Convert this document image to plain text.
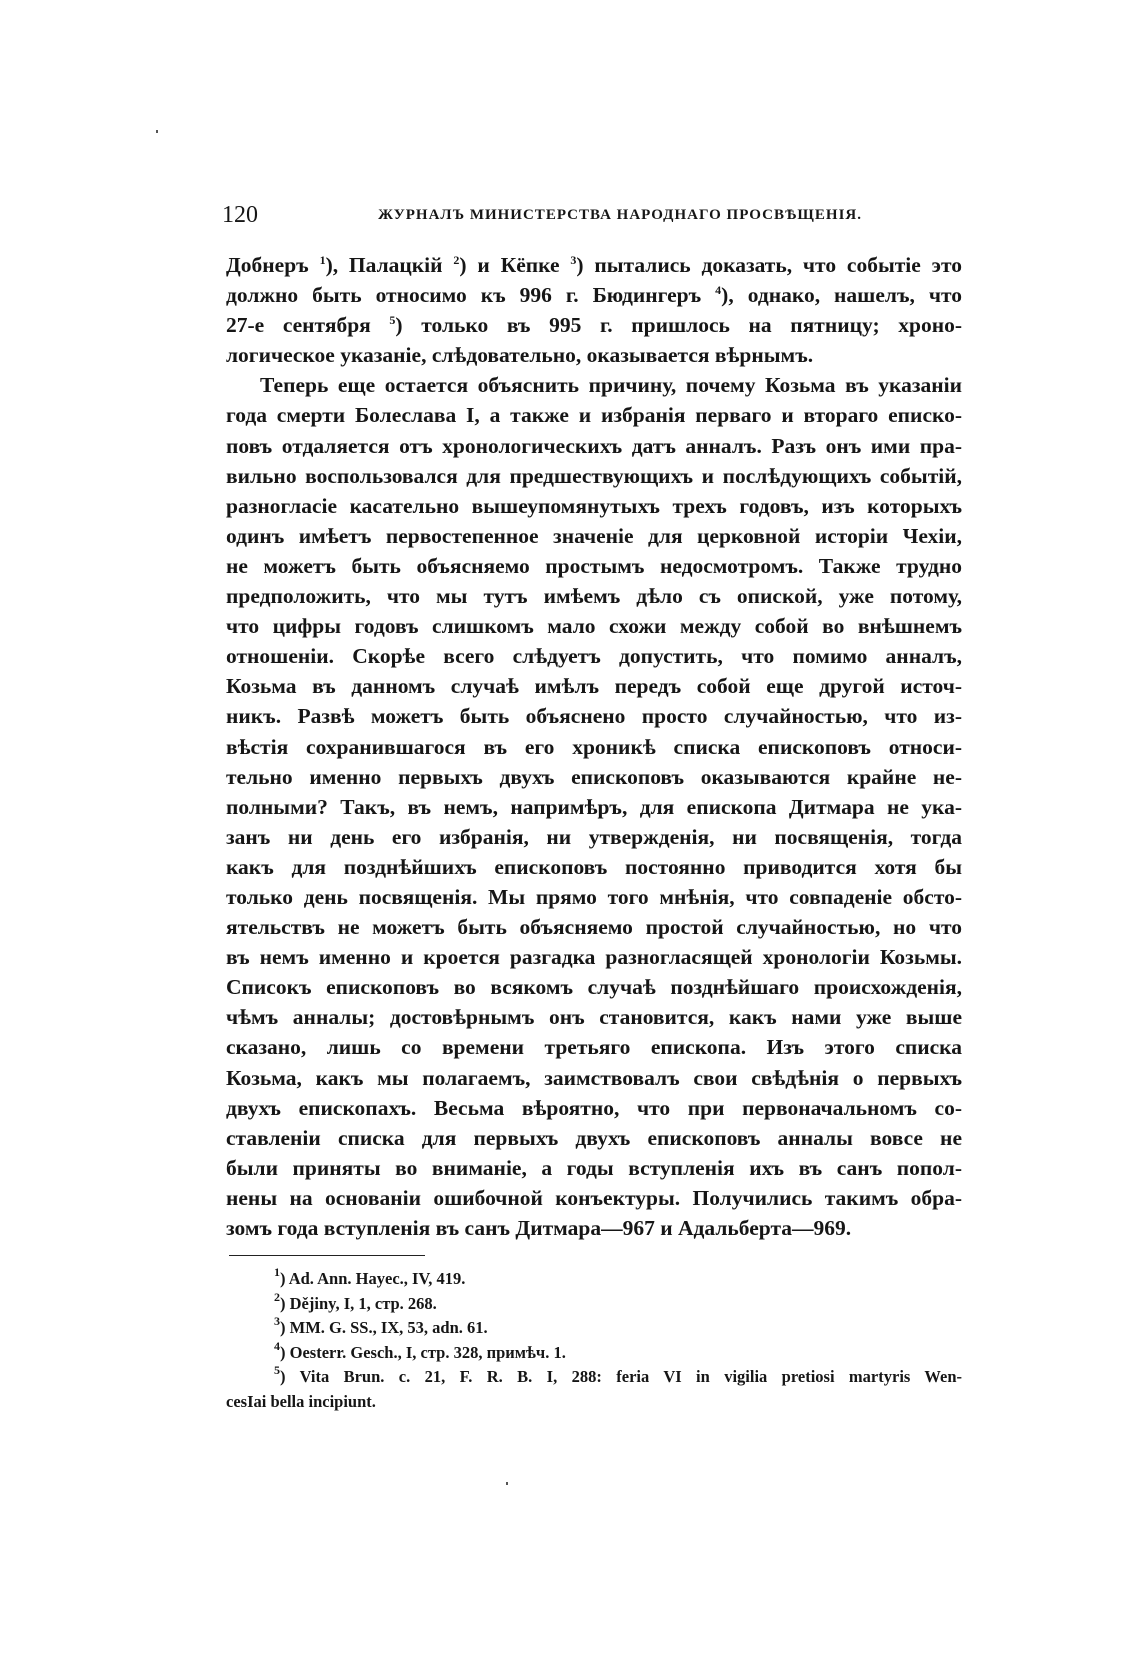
120	ЖУРНАЛЪ МИНИСТЕРСТВА НАРОДНАГО ПРОСВѢЩЕНІЯ.
Добнеръ $^1$), Палацкій $^2$) и Кёпке $^3$) пытались доказать, что событіе это
должно быть относимо къ 996 г. Бюдингеръ $^4$), однако, нашелъ, что
27-е сентября $^5$) только въ 995 г. пришлось на пятницу; хроно-
логическое указаніе, слѣдовательно, оказывается вѣрнымъ.
Теперь еще остается объяснить причину, почему Козьма въ указаніи
года смерти Болеслава I, а также и избранія перваго и втораго еписко-
повъ отдаляется отъ хронологическихъ датъ анналъ. Разъ онъ ими пра-
вильно воспользовался для предшествующихъ и послѣдующихъ событій,
разногласіе касательно вышеупомянутыхъ трехъ годовъ, изъ которыхъ
одинъ имѣетъ первостепенное значеніе для церковной исторіи Чехіи,
не можетъ быть объясняемо простымъ недосмотромъ. Также трудно
предположить, что мы тутъ имѣемъ дѣло съ опиской, уже потому,
что цифры годовъ слишкомъ мало схожи между собой во внѣшнемъ
отношеніи. Скорѣе всего слѣдуетъ допустить, что помимо анналъ,
Козьма въ данномъ случаѣ имѣлъ передъ собой еще другой источ-
никъ. Развѣ можетъ быть объяснено просто случайностью, что из-
вѣстія сохранившагося въ его хроникѣ списка епископовъ относи-
тельно именно первыхъ двухъ епископовъ оказываются крайне не-
полными? Такъ, въ немъ, напримѣръ, для епископа Дитмара не ука-
занъ ни день его избранія, ни утвержденія, ни посвященія, тогда
какъ для позднѣйшихъ епископовъ постоянно приводится хотя бы
только день посвященія. Мы прямо того мнѣнія, что совпаденіе обсто-
ятельствъ не можетъ быть объясняемо простой случайностью, но что
въ немъ именно и кроется разгадка разногласящей хронологіи Козьмы.
Списокъ епископовъ во всякомъ случаѣ позднѣйшаго происхожденія,
чѣмъ анналы; достовѣрнымъ онъ становится, какъ нами уже выше
сказано, лишь со времени третьяго епископа. Изъ этого списка
Козьма, какъ мы полагаемъ, заимствовалъ свои свѣдѣнія о первыхъ
двухъ епископахъ. Весьма вѣроятно, что при первоначальномъ со-
ставленіи списка для первыхъ двухъ епископовъ анналы вовсе не
были приняты во вниманіе, а годы вступленія ихъ въ санъ попол-
нены на основаніи ошибочной конъектуры. Получились такимъ обра-
зомъ года вступленія въ санъ Дитмара—967 и Адальберта—969.
$^1$) Ad. Ann. Hayec., IV, 419.
$^2$) Dějiny, I, 1, стр. 268.
$^3$) MM. G. SS., IX, 53, adn. 61.
$^4$) Oesterr. Gesch., I, стр. 328, примѣч. 1.
$^5$) Vita Brun. c. 21, F. R. B. I, 288: feria VI in vigilia pretiosi martyris Wen-
cesIai bella incipiunt.
